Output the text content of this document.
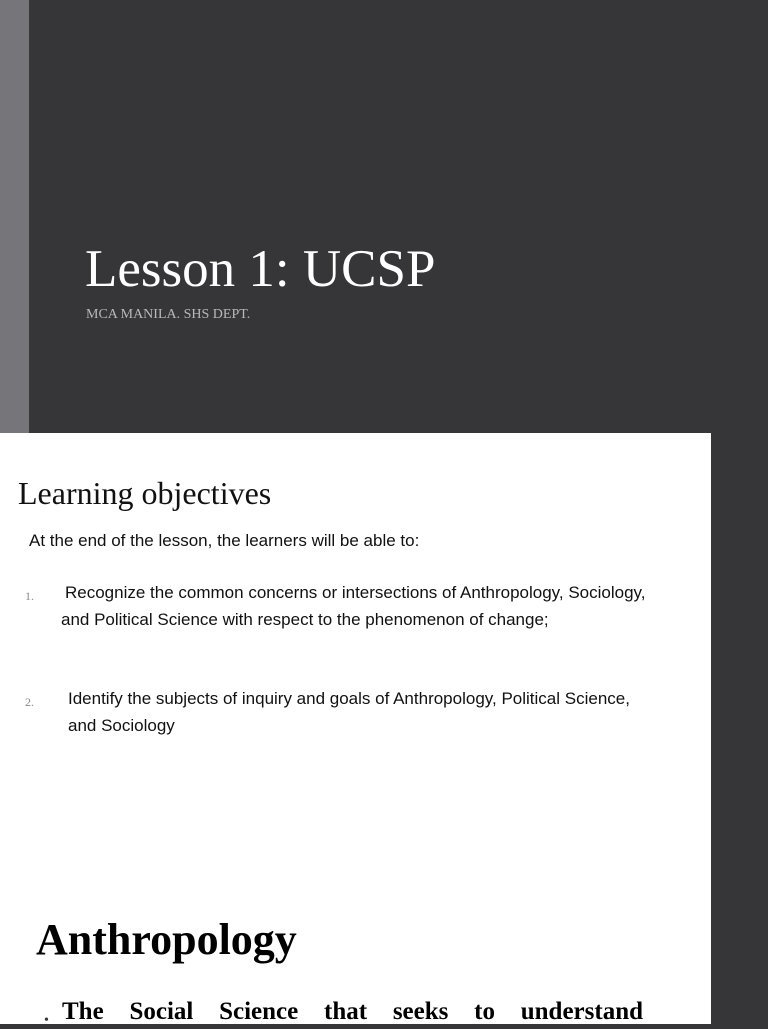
Lesson 1: UCSP
MCA MANILA. SHS DEPT.
Learning objectives
At the end of the lesson, the learners will be able to:
1. Recognize the common concerns or intersections of Anthropology, Sociology, and Political Science with respect to the phenomenon of change;
2. Identify the subjects of inquiry and goals of Anthropology, Political Science, and Sociology
Anthropology
• The Social Science that seeks to understand
